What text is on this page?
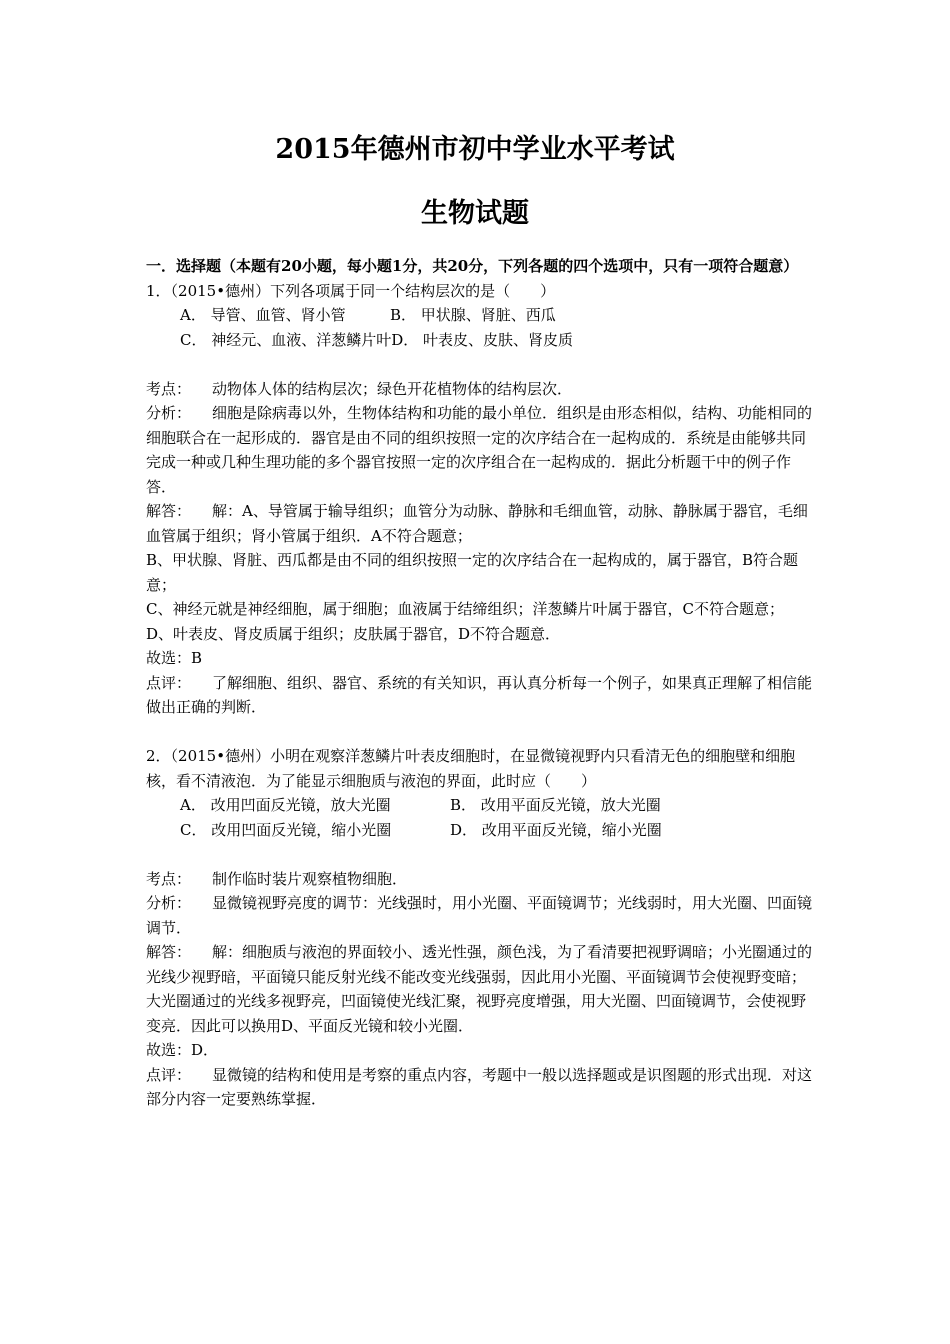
2015年德州市初中学业水平考试
生物试题

一．选择题（本题有20小题，每小题1分，共20分，下列各题的四个选项中，只有一项符合题意）

1．（2015•德州）下列各项属于同一个结构层次的是（　　）

A． 导管、血管、肾小管	B． 甲状腺、肾脏、西瓜
C． 神经元、血液、洋葱鳞片叶D． 叶表皮、皮肤、肾皮质

考点： 动物体人体的结构层次；绿色开花植物体的结构层次．

分析： 细胞是除病毒以外，生物体结构和功能的最小单位．组织是由形态相似，结构、功能相同的细胞联合在一起形成的．器官是由不同的组织按照一定的次序结合在一起构成的．系统是由能够共同完成一种或几种生理功能的多个器官按照一定的次序组合在一起构成的．据此分析题干中的例子作答．

解答： 解：A、导管属于输导组织；血管分为动脉、静脉和毛细血管，动脉、静脉属于器官，毛细血管属于组织；肾小管属于组织．A不符合题意；

B、甲状腺、肾脏、西瓜都是由不同的组织按照一定的次序结合在一起构成的，属于器官，B符合题意；

C、神经元就是神经细胞，属于细胞；血液属于结缔组织；洋葱鳞片叶属于器官，C不符合题意；

D、叶表皮、肾皮质属于组织；皮肤属于器官，D不符合题意．

故选：B

点评： 了解细胞、组织、器官、系统的有关知识，再认真分析每一个例子，如果真正理解了相信能做出正确的判断．

2．（2015•德州）小明在观察洋葱鳞片叶表皮细胞时，在显微镜视野内只看清无色的细胞壁和细胞核，看不清液泡．为了能显示细胞质与液泡的界面，此时应（　　）

A． 改用凹面反光镜，放大光圈	B． 改用平面反光镜，放大光圈
C． 改用凹面反光镜，缩小光圈	D． 改用平面反光镜，缩小光圈

考点： 制作临时装片观察植物细胞．

分析： 显微镜视野亮度的调节：光线强时，用小光圈、平面镜调节；光线弱时，用大光圈、凹面镜调节．

解答： 解：细胞质与液泡的界面较小、透光性强，颜色浅，为了看清要把视野调暗；小光圈通过的光线少视野暗，平面镜只能反射光线不能改变光线强弱，因此用小光圈、平面镜调节会使视野变暗；大光圈通过的光线多视野亮，凹面镜使光线汇聚，视野亮度增强，用大光圈、凹面镜调节，会使视野变亮．因此可以换用D、平面反光镜和较小光圈．

故选：D．

点评： 显微镜的结构和使用是考察的重点内容，考题中一般以选择题或是识图题的形式出现．对这部分内容一定要熟练掌握．
